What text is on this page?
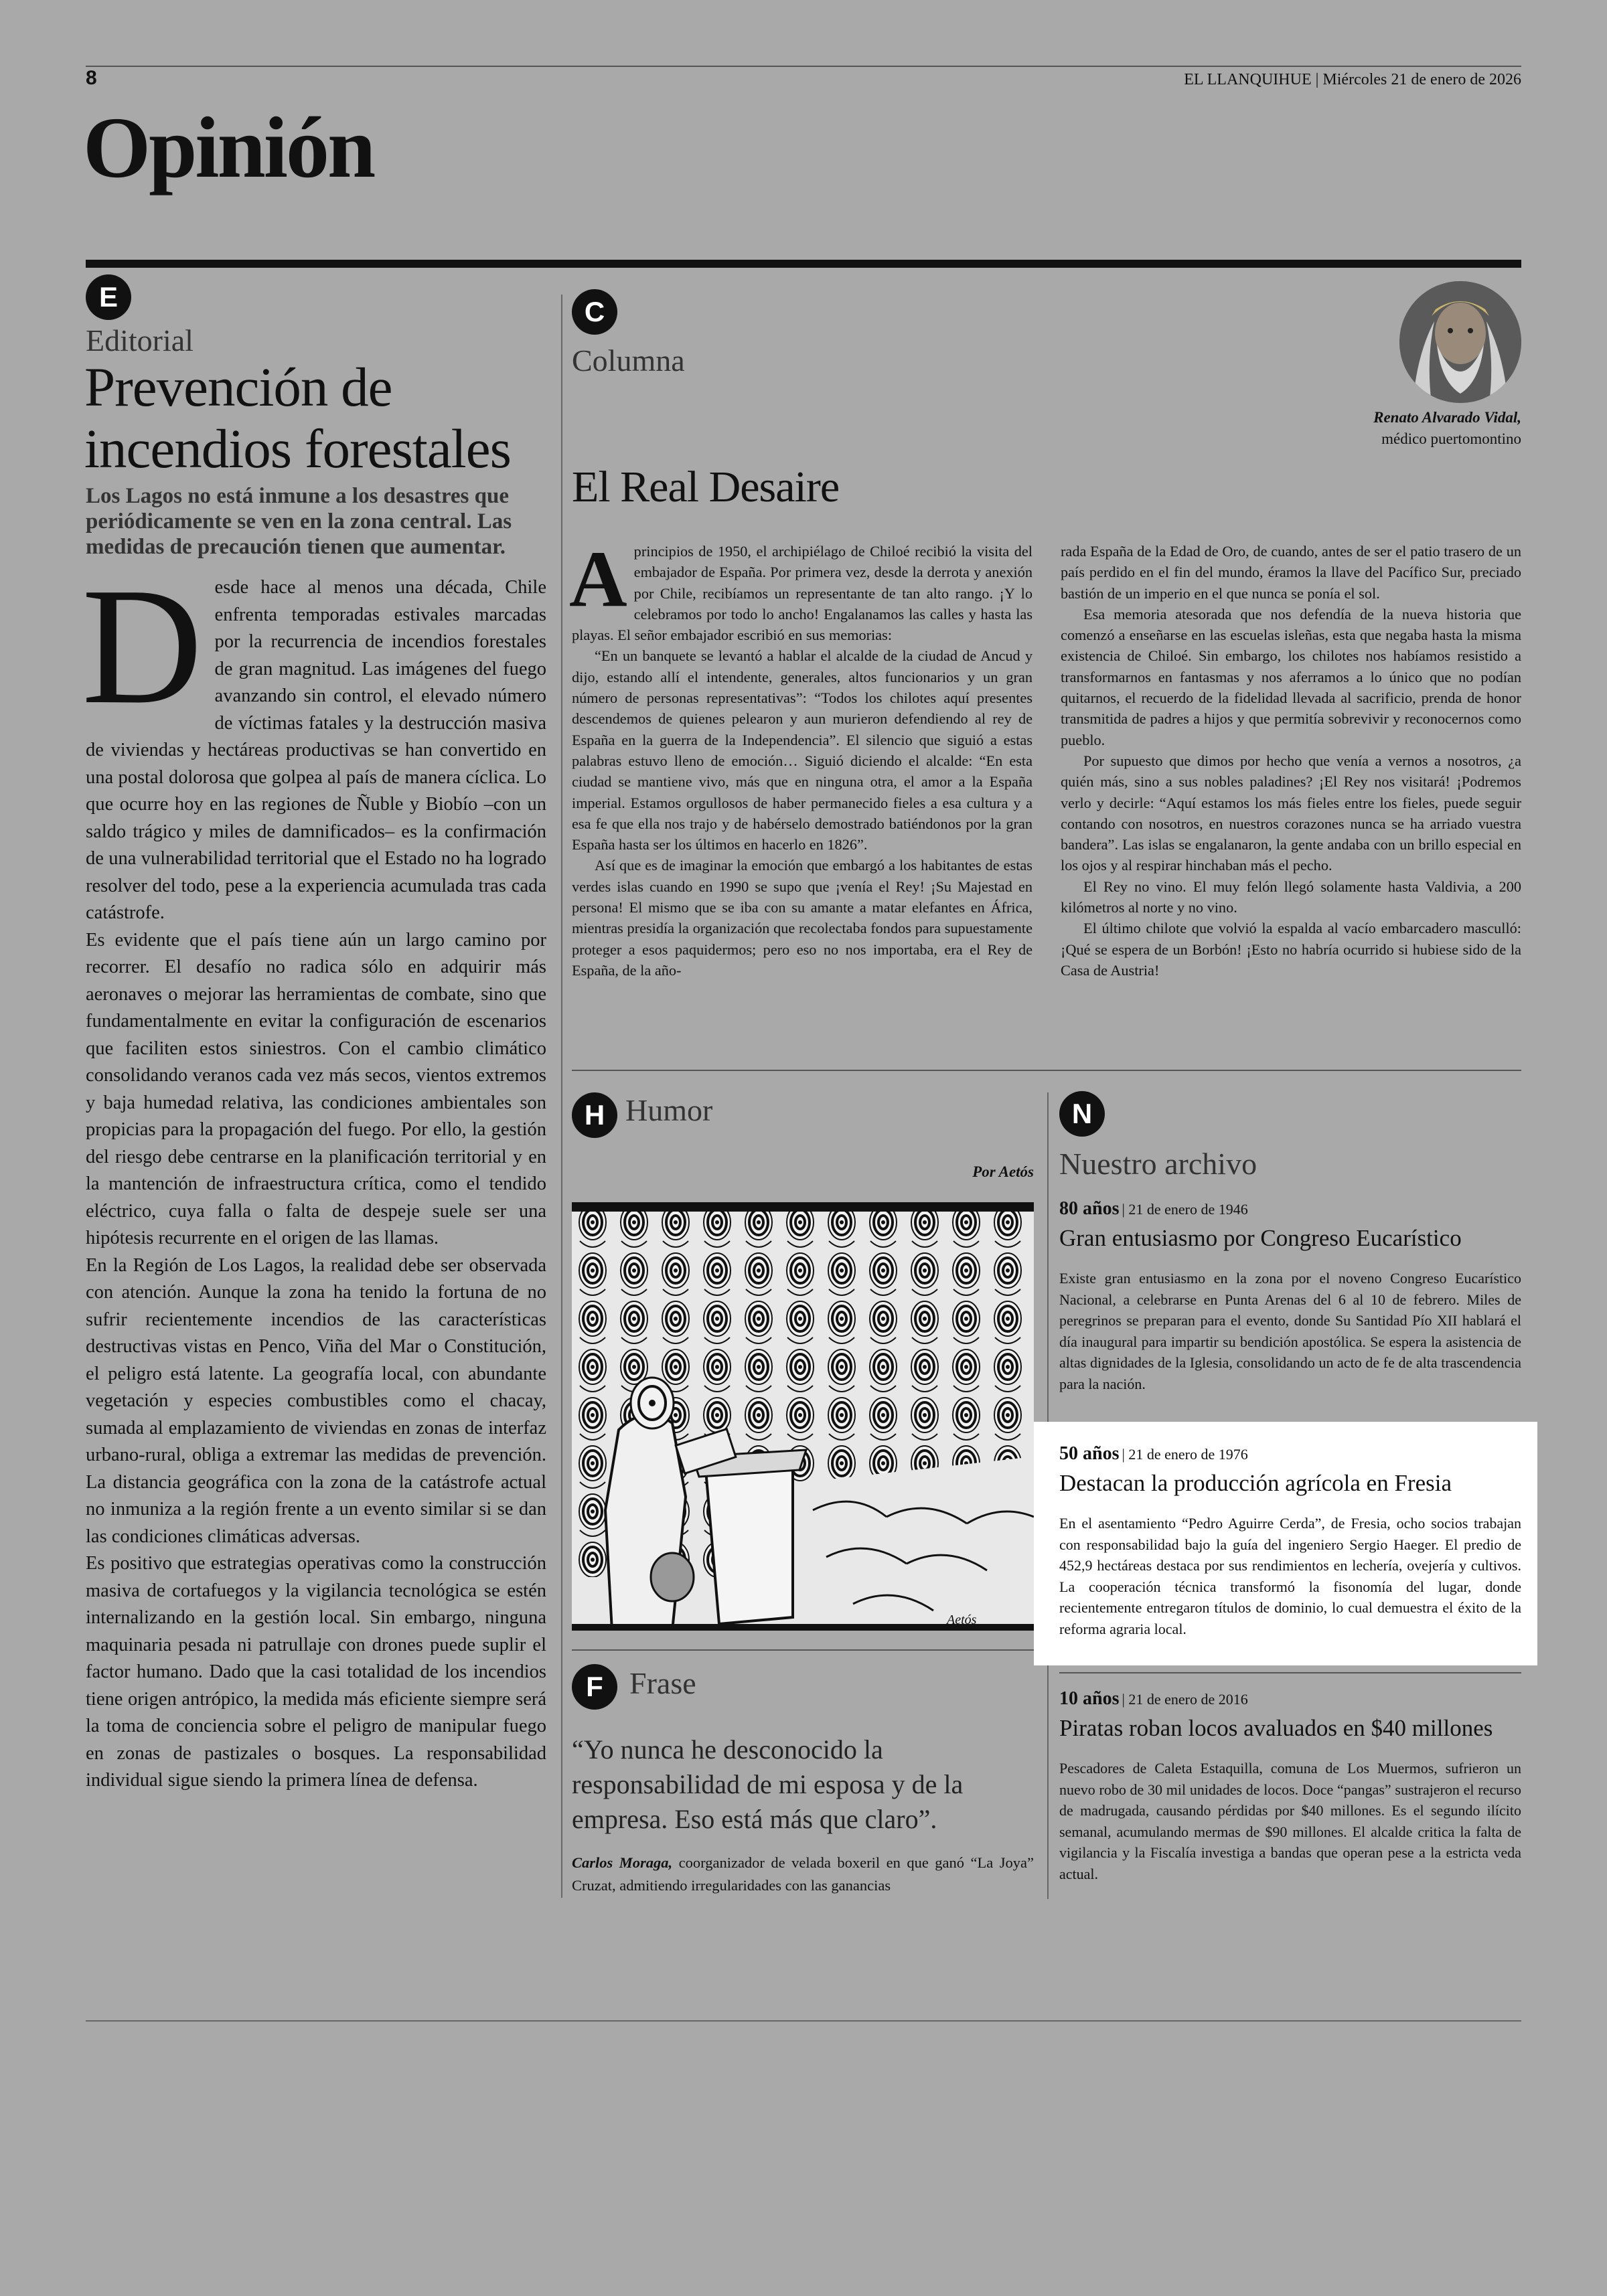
8	EL LLANQUIHUE | Miércoles 21 de enero de 2026
Opinión
E
Editorial
Prevención de
incendios forestales
Los Lagos no está inmune a los desastres que periódicamente se ven en la zona central. Las medidas de precaución tienen que aumentar.

Desde hace al menos una década, Chile enfrenta temporadas estivales marcadas por la recurrencia de incendios forestales de gran magnitud. Las imágenes del fuego avanzando sin control, el elevado número de víctimas fatales y la destrucción masiva de viviendas y hectáreas productivas se han convertido en una postal dolorosa que golpea al país de manera cíclica. Lo que ocurre hoy en las regiones de Ñuble y Biobío –con un saldo trágico y miles de damnificados– es la confirmación de una vulnerabilidad territorial que el Estado no ha logrado resolver del todo, pese a la experiencia acumulada tras cada catástrofe.

Es evidente que el país tiene aún un largo camino por recorrer. El desafío no radica sólo en adquirir más aeronaves o mejorar las herramientas de combate, sino que fundamentalmente en evitar la configuración de escenarios que faciliten estos siniestros. Con el cambio climático consolidando veranos cada vez más secos, vientos extremos y baja humedad relativa, las condiciones ambientales son propicias para la propagación del fuego. Por ello, la gestión del riesgo debe centrarse en la planificación territorial y en la mantención de infraestructura crítica, como el tendido eléctrico, cuya falla o falta de despeje suele ser una hipótesis recurrente en el origen de las llamas.

En la Región de Los Lagos, la realidad debe ser observada con atención. Aunque la zona ha tenido la fortuna de no sufrir recientemente incendios de las características destructivas vistas en Penco, Viña del Mar o Constitución, el peligro está latente. La geografía local, con abundante vegetación y especies combustibles como el chacay, sumada al emplazamiento de viviendas en zonas de interfaz urbano-rural, obliga a extremar las medidas de prevención. La distancia geográfica con la zona de la catástrofe actual no inmuniza a la región frente a un evento similar si se dan las condiciones climáticas adversas.

Es positivo que estrategias operativas como la construcción masiva de cortafuegos y la vigilancia tecnológica se estén internalizando en la gestión local. Sin embargo, ninguna maquinaria pesada ni patrullaje con drones puede suplir el factor humano. Dado que la casi totalidad de los incendios tiene origen antrópico, la medida más eficiente siempre será la toma de conciencia sobre el peligro de manipular fuego en zonas de pastizales o bosques. La responsabilidad individual sigue siendo la primera línea de defensa.

C
Columna
El Real Desaire
Renato Alvarado Vidal,
médico puertomontino

Aprincipios de 1950, el archipiélago de Chiloé recibió la visita del embajador de España. Por primera vez, desde la derrota y anexión por Chile, recibíamos un representante de tan alto rango. ¡Y lo celebramos por todo lo ancho! Engalanamos las calles y hasta las playas. El señor embajador escribió en sus memorias:

“En un banquete se levantó a hablar el alcalde de la ciudad de Ancud y dijo, estando allí el intendente, generales, altos funcionarios y un gran número de personas representativas”: “Todos los chilotes aquí presentes descendemos de quienes pelearon y aun murieron defendiendo al rey de España en la guerra de la Independencia”. El silencio que siguió a estas palabras estuvo lleno de emoción… Siguió diciendo el alcalde: “En esta ciudad se mantiene vivo, más que en ninguna otra, el amor a la España imperial. Estamos orgullosos de haber permanecido fieles a esa cultura y a esa fe que ella nos trajo y de habérselo demostrado batiéndonos por la gran España hasta ser los últimos en hacerlo en 1826”.

Así que es de imaginar la emoción que embargó a los habitantes de estas verdes islas cuando en 1990 se supo que ¡venía el Rey! ¡Su Majestad en persona! El mismo que se iba con su amante a matar elefantes en África, mientras presidía la organización que recolectaba fondos para supuestamente proteger a esos paquidermos; pero eso no nos importaba, era el Rey de España, de la año-

rada España de la Edad de Oro, de cuando, antes de ser el patio trasero de un país perdido en el fin del mundo, éramos la llave del Pacífico Sur, preciado bastión de un imperio en el que nunca se ponía el sol.

Esa memoria atesorada que nos defendía de la nueva historia que comenzó a enseñarse en las escuelas isleñas, esta que negaba hasta la misma existencia de Chiloé. Sin embargo, los chilotes nos habíamos resistido a transformarnos en fantasmas y nos aferramos a lo único que no podían quitarnos, el recuerdo de la fidelidad llevada al sacrificio, prenda de honor transmitida de padres a hijos y que permitía sobrevivir y reconocernos como pueblo.

Por supuesto que dimos por hecho que venía a vernos a nosotros, ¿a quién más, sino a sus nobles paladines? ¡El Rey nos visitará! ¡Podremos verlo y decirle: “Aquí estamos los más fieles entre los fieles, puede seguir contando con nosotros, en nuestros corazones nunca se ha arriado vuestra bandera”. Las islas se engalanaron, la gente andaba con un brillo especial en los ojos y al respirar hinchaban más el pecho.

El Rey no vino. El muy felón llegó solamente hasta Valdivia, a 200 kilómetros al norte y no vino.

El último chilote que volvió la espalda al vacío embarcadero masculló: ¡Qué se espera de un Borbón! ¡Esto no habría ocurrido si hubiese sido de la Casa de Austria!

H Humor
Por Aetós
Aetós
F Frase
“Yo nunca he desconocido la responsabilidad de mi esposa y de la empresa. Eso está más que claro”.
Carlos Moraga, coorganizador de velada boxeril en que ganó “La Joya” Cruzat, admitiendo irregularidades con las ganancias
N
Nuestro archivo
80 años | 21 de enero de 1946
Gran entusiasmo por Congreso Eucarístico
Existe gran entusiasmo en la zona por el noveno Congreso Eucarístico Nacional, a celebrarse en Punta Arenas del 6 al 10 de febrero. Miles de peregrinos se preparan para el evento, donde Su Santidad Pío XII hablará el día inaugural para impartir su bendición apostólica. Se espera la asistencia de altas dignidades de la Iglesia, consolidando un acto de fe de alta trascendencia para la nación.
50 años | 21 de enero de 1976
Destacan la producción agrícola en Fresia
En el asentamiento “Pedro Aguirre Cerda”, de Fresia, ocho socios trabajan con responsabilidad bajo la guía del ingeniero Sergio Haeger. El predio de 452,9 hectáreas destaca por sus rendimientos en lechería, ovejería y cultivos. La cooperación técnica transformó la fisonomía del lugar, donde recientemente entregaron títulos de dominio, lo cual demuestra el éxito de la reforma agraria local.
10 años | 21 de enero de 2016
Piratas roban locos avaluados en $40 millones
Pescadores de Caleta Estaquilla, comuna de Los Muermos, sufrieron un nuevo robo de 30 mil unidades de locos. Doce “pangas” sustrajeron el recurso de madrugada, causando pérdidas por $40 millones. Es el segundo ilícito semanal, acumulando mermas de $90 millones. El alcalde critica la falta de vigilancia y la Fiscalía investiga a bandas que operan pese a la estricta veda actual.
